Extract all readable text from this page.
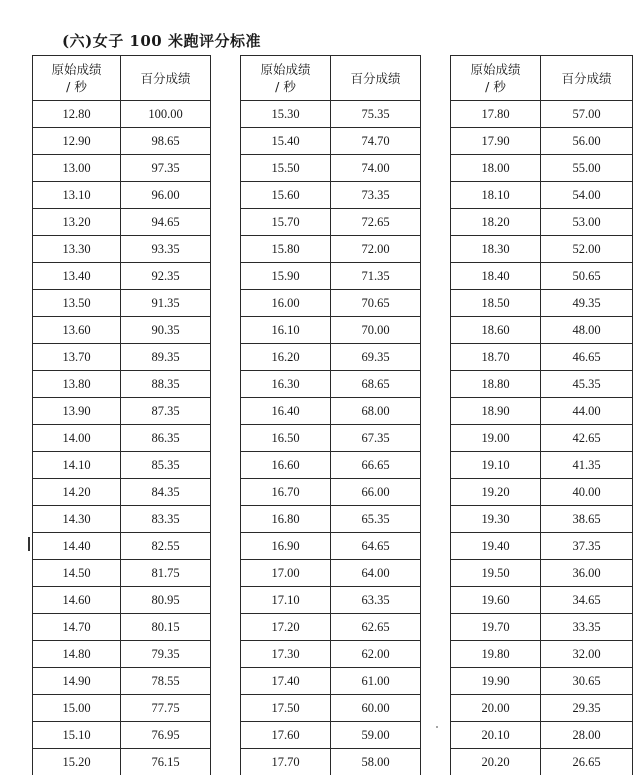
(六)女子 100 米跑评分标准
原始成绩
/ 秒	百分成绩
12.80	100.00
12.90	98.65
13.00	97.35
13.10	96.00
13.20	94.65
13.30	93.35
13.40	92.35
13.50	91.35
13.60	90.35
13.70	89.35
13.80	88.35
13.90	87.35
14.00	86.35
14.10	85.35
14.20	84.35
14.30	83.35
14.40	82.55
14.50	81.75
14.60	80.95
14.70	80.15
14.80	79.35
14.90	78.55
15.00	77.75
15.10	76.95
15.20	76.15
原始成绩
/ 秒	百分成绩
15.30	75.35
15.40	74.70
15.50	74.00
15.60	73.35
15.70	72.65
15.80	72.00
15.90	71.35
16.00	70.65
16.10	70.00
16.20	69.35
16.30	68.65
16.40	68.00
16.50	67.35
16.60	66.65
16.70	66.00
16.80	65.35
16.90	64.65
17.00	64.00
17.10	63.35
17.20	62.65
17.30	62.00
17.40	61.00
17.50	60.00
17.60	59.00
17.70	58.00
原始成绩
/ 秒	百分成绩
17.80	57.00
17.90	56.00
18.00	55.00
18.10	54.00
18.20	53.00
18.30	52.00
18.40	50.65
18.50	49.35
18.60	48.00
18.70	46.65
18.80	45.35
18.90	44.00
19.00	42.65
19.10	41.35
19.20	40.00
19.30	38.65
19.40	37.35
19.50	36.00
19.60	34.65
19.70	33.35
19.80	32.00
19.90	30.65
20.00	29.35
20.10	28.00
20.20	26.65
